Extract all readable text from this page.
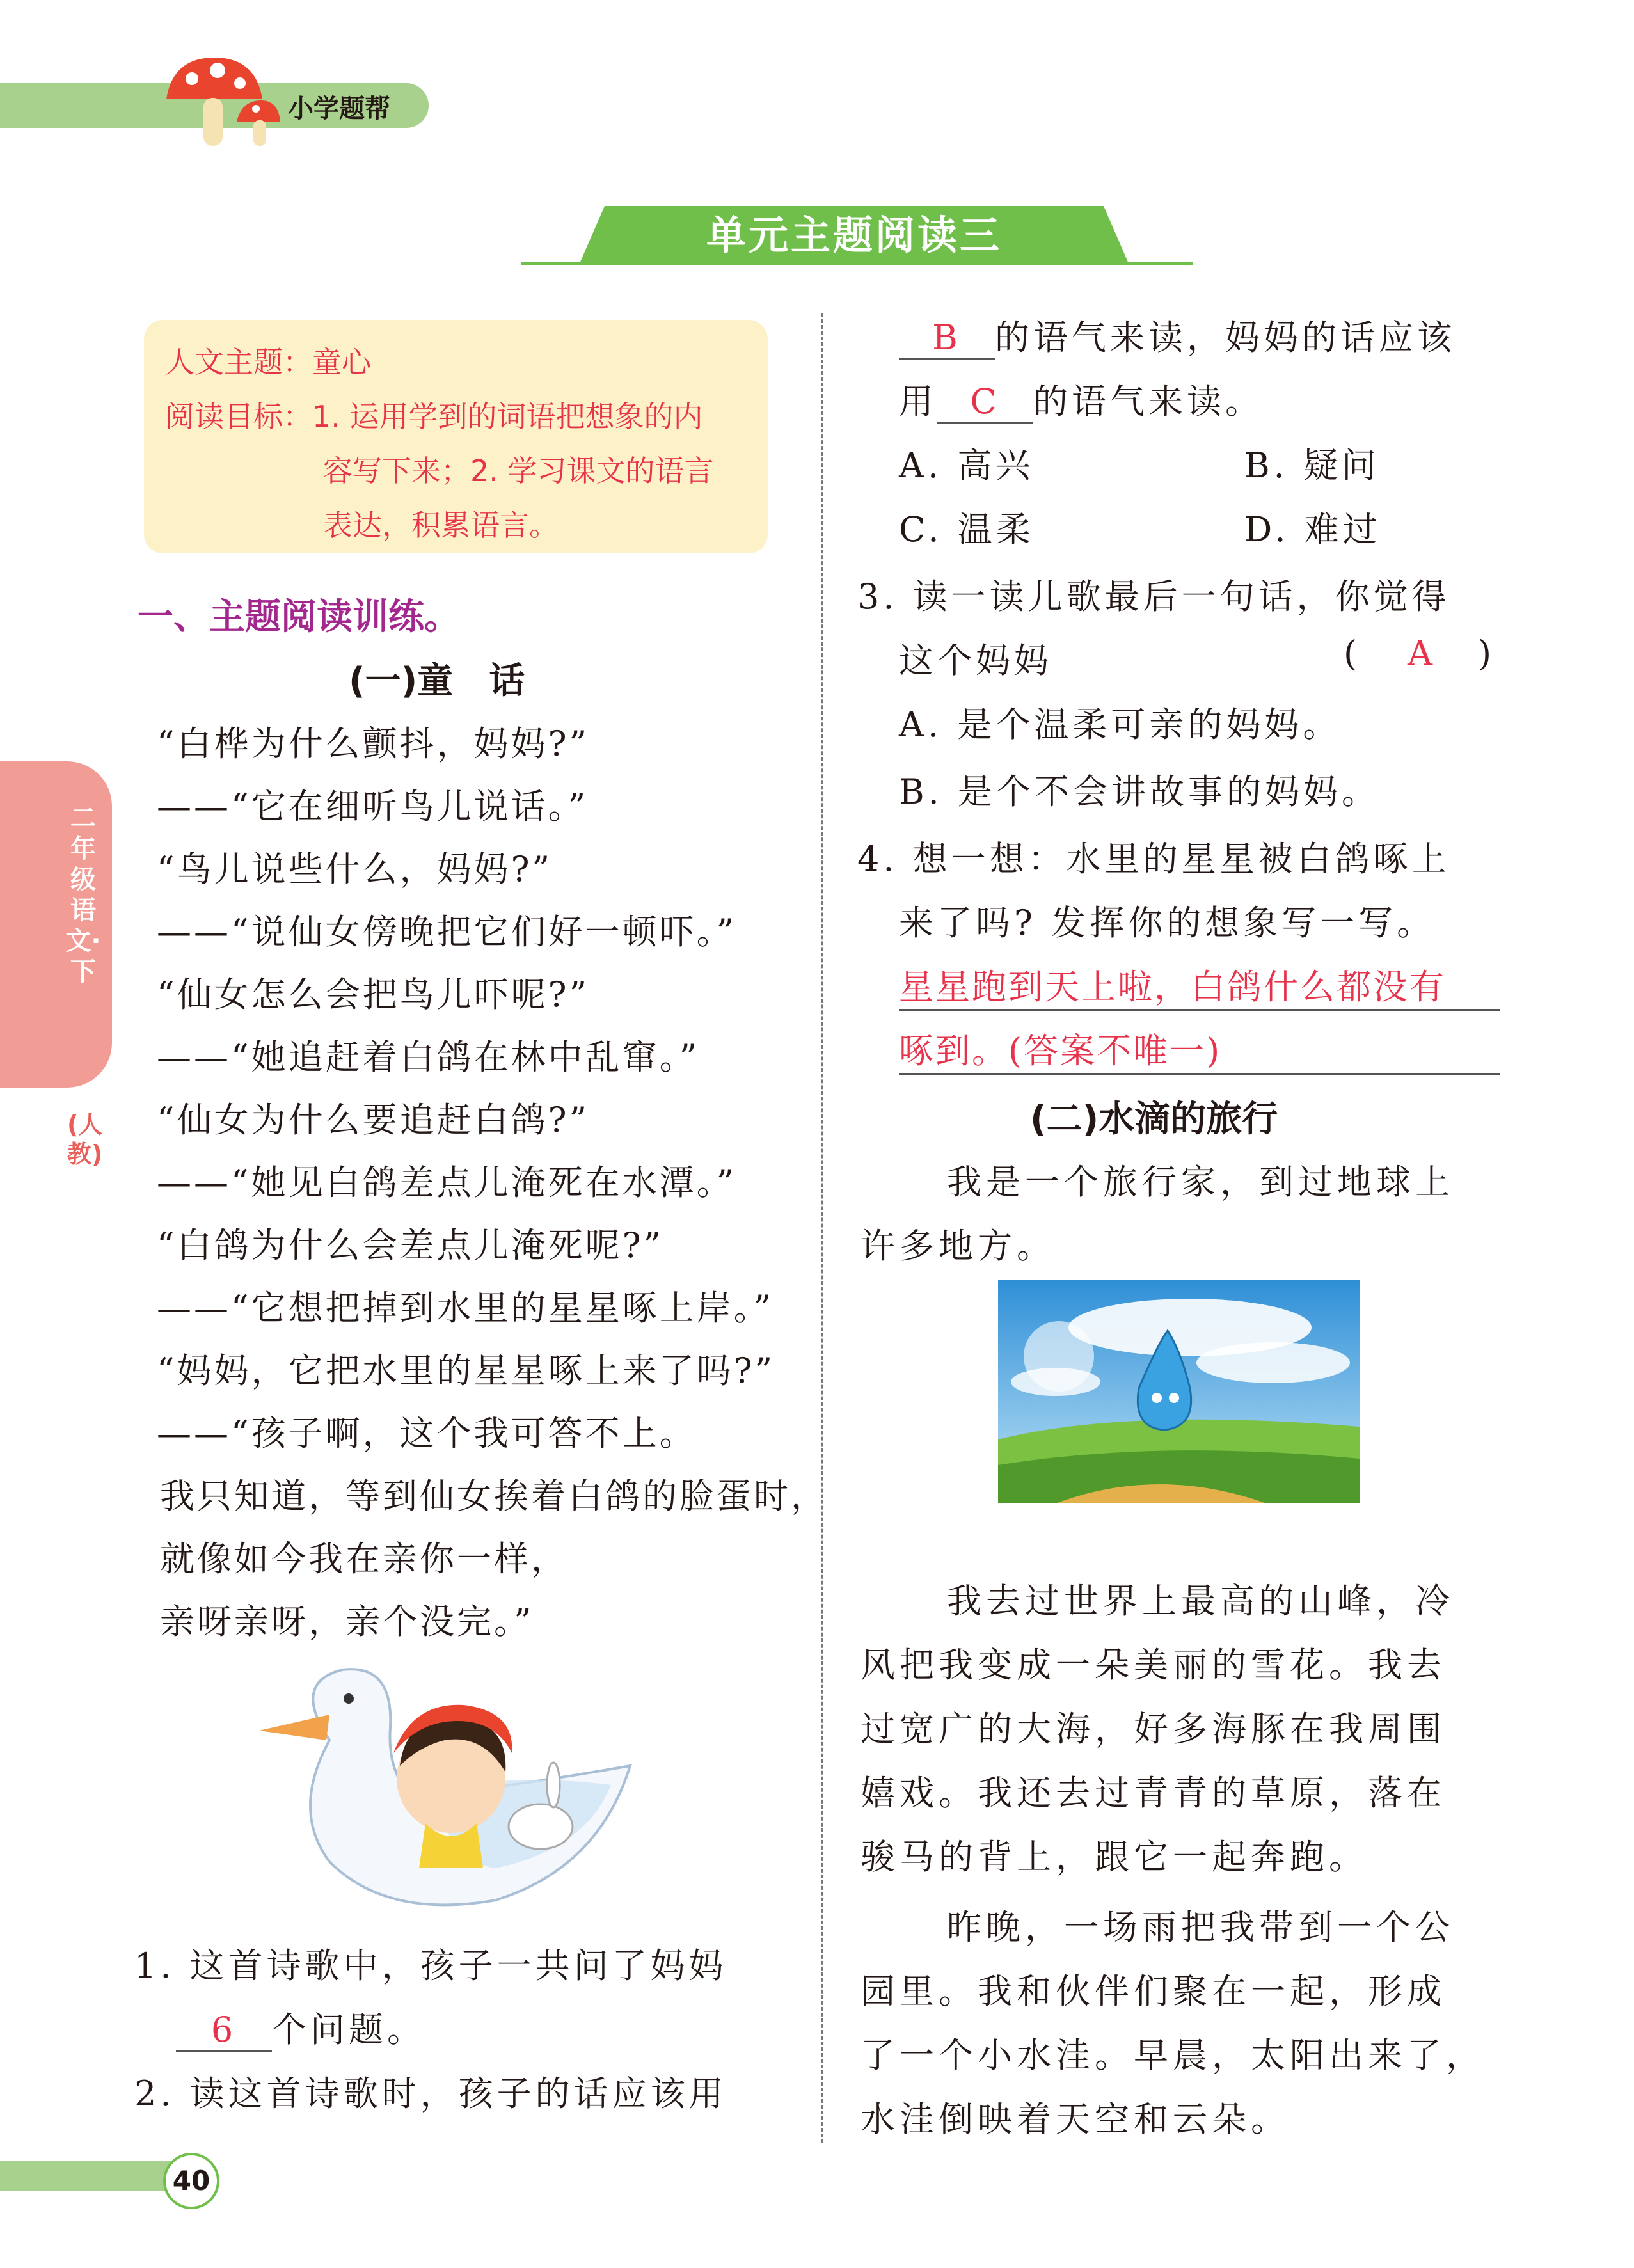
小学题帮
单元主题阅读三
二年级语文·下
(人教)
人文主题：童心
阅读目标：1. 运用学到的词语把想象的内
容写下来；2. 学习课文的语言
表达，积累语言。
一、主题阅读训练。
(一)童　话
“白桦为什么颤抖，妈妈?”
——“它在细听鸟儿说话。”
“鸟儿说些什么，妈妈?”
——“说仙女傍晚把它们好一顿吓。”
“仙女怎么会把鸟儿吓呢?”
——“她追赶着白鸽在林中乱窜。”
“仙女为什么要追赶白鸽?”
——“她见白鸽差点儿淹死在水潭。”
“白鸽为什么会差点儿淹死呢?”
——“它想把掉到水里的星星啄上岸。”
“妈妈，它把水里的星星啄上来了吗?”
——“孩子啊，这个我可答不上。
我只知道，等到仙女挨着白鸽的脸蛋时，
就像如今我在亲你一样，
亲呀亲呀，亲个没完。”
1. 这首诗歌中，孩子一共问了妈妈
6 个问题。
2. 读这首诗歌时，孩子的话应该用
B 的语气来读，妈妈的话应该
用 C 的语气来读。
A. 高兴	B. 疑问
C. 温柔	D. 难过
3. 读一读儿歌最后一句话，你觉得
这个妈妈	( A )
A. 是个温柔可亲的妈妈。
B. 是个不会讲故事的妈妈。
4. 想一想：水里的星星被白鸽啄上
来了吗? 发挥你的想象写一写。
星星跑到天上啦，白鸽什么都没有
啄到。(答案不唯一)
(二)水滴的旅行
我是一个旅行家，到过地球上
许多地方。
我去过世界上最高的山峰，冷
风把我变成一朵美丽的雪花。我去
过宽广的大海，好多海豚在我周围
嬉戏。我还去过青青的草原，落在
骏马的背上，跟它一起奔跑。
昨晚，一场雨把我带到一个公
园里。我和伙伴们聚在一起，形成
了一个小水洼。早晨，太阳出来了，
水洼倒映着天空和云朵。
40
